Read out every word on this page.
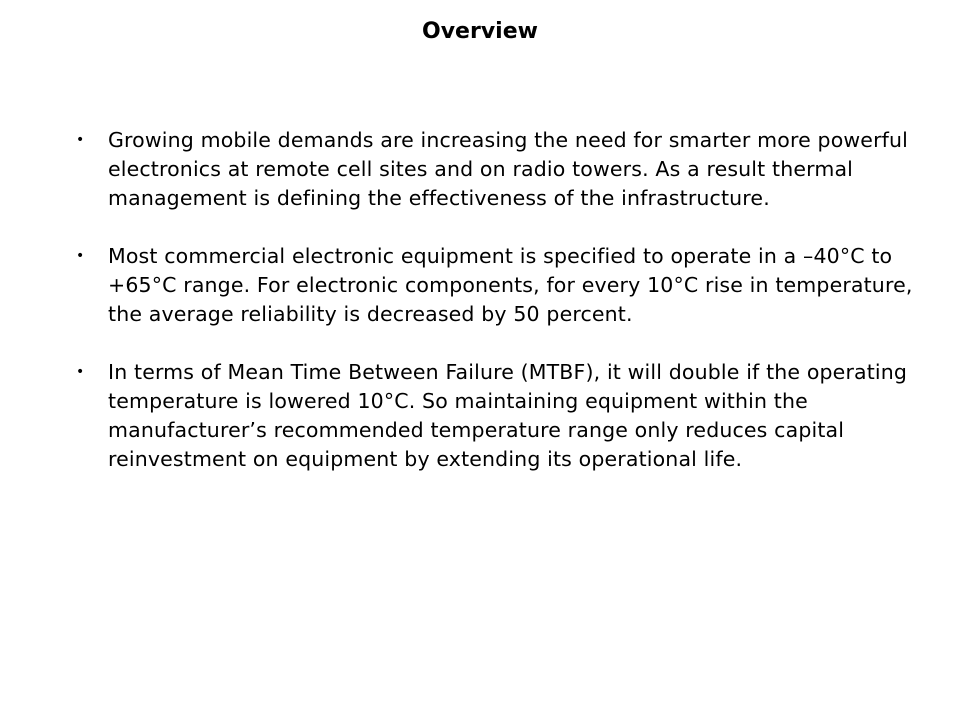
Overview
• Growing mobile demands are increasing the need for smarter more powerful electronics at remote cell sites and on radio towers. As a result thermal management is defining the effectiveness of the infrastructure.
• Most commercial electronic equipment is specified to operate in a –40°C to +65°C range. For electronic components, for every 10°C rise in temperature, the average reliability is decreased by 50 percent.
• In terms of Mean Time Between Failure (MTBF), it will double if the operating temperature is lowered 10°C. So maintaining equipment within the manufacturer’s recommended temperature range only reduces capital reinvestment on equipment by extending its operational life.
